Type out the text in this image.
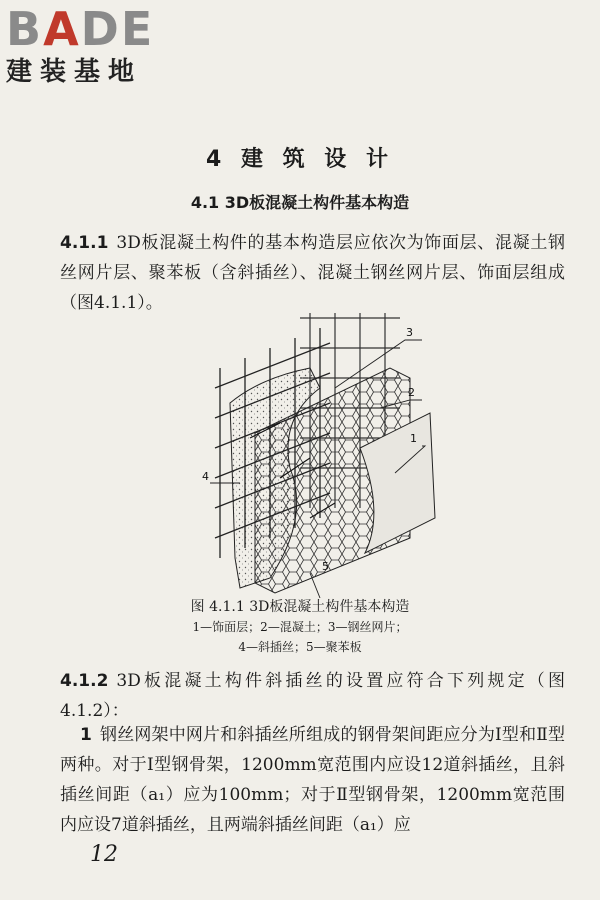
BADE
建装基地
4 建 筑 设 计
4.1 3D板混凝土构件基本构造
4.1.1 3D板混凝土构件的基本构造层应依次为饰面层、混凝土钢丝网片层、聚苯板（含斜插丝）、混凝土钢丝网片层、饰面层组成（图4.1.1）。
3
2
1
4
5
图 4.1.1 3D板混凝土构件基本构造
1—饰面层；2—混凝土；3—钢丝网片；
4—斜插丝；5—聚苯板
4.1.2 3D板混凝土构件斜插丝的设置应符合下列规定（图4.1.2）：
1 钢丝网架中网片和斜插丝所组成的钢骨架间距应分为Ⅰ型和Ⅱ型两种。对于Ⅰ型钢骨架，1200mm宽范围内应设12道斜插丝，且斜插丝间距（a₁）应为100mm；对于Ⅱ型钢骨架，1200mm宽范围内应设7道斜插丝，且两端斜插丝间距（a₁）应
12
